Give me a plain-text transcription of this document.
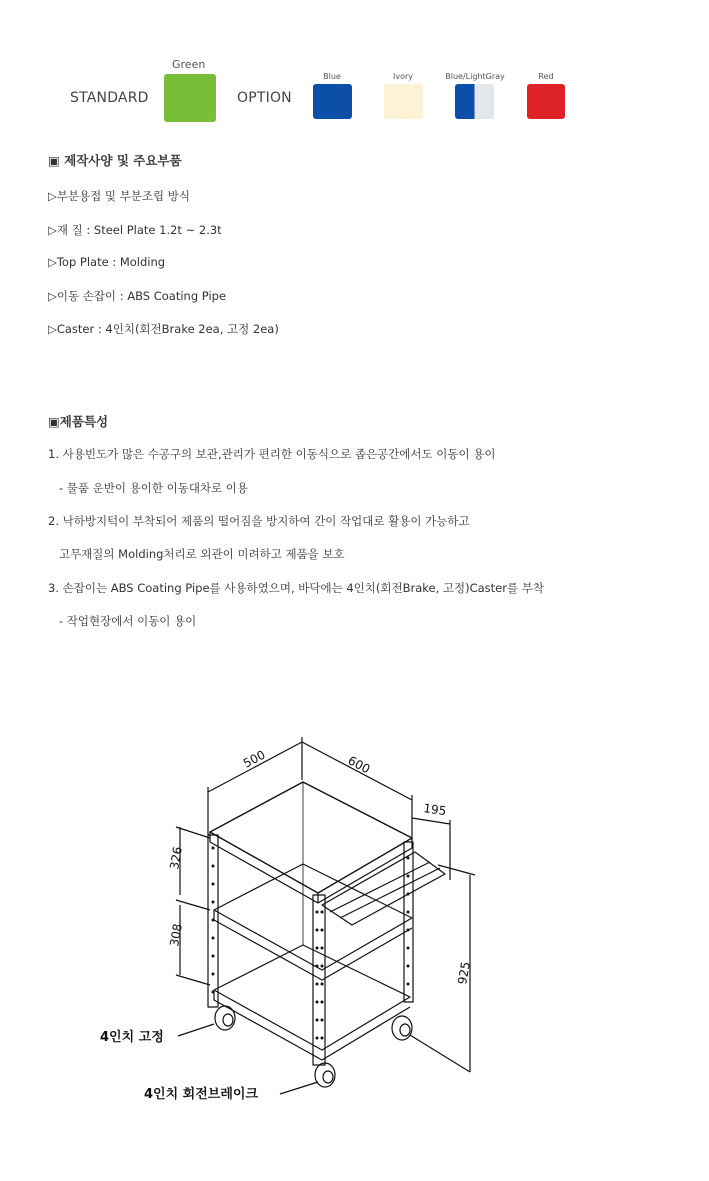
STANDARD
Green
OPTION
Blue	Ivory	Blue/LightGray	Red
▣ 제작사양 및 주요부품
▷부분용접 및 부분조립 방식
▷재 질 : Steel Plate 1.2t ~ 2.3t
▷Top Plate : Molding
▷이동 손잡이 : ABS Coating Pipe
▷Caster : 4인치(회전Brake 2ea, 고정 2ea)
▣제품특성
1. 사용빈도가 많은 수공구의 보관,관리가 편리한 이동식으로 좁은공간에서도 이동이 용이
- 물품 운반이 용이한 이동대차로 이용
2. 낙하방지턱이 부착되어 제품의 떨어짐을 방지하여 간이 작업대로 활용이 가능하고
고무재질의 Molding처리로 외관이 미려하고 제품을 보호
3. 손잡이는 ABS Coating Pipe를 사용하였으며, 바닥에는 4인치(회전Brake, 고정)Caster를 부착
- 작업현장에서 이동이 용이
500	600
195
326
308
925
4인치 고정
4인치 회전브레이크
